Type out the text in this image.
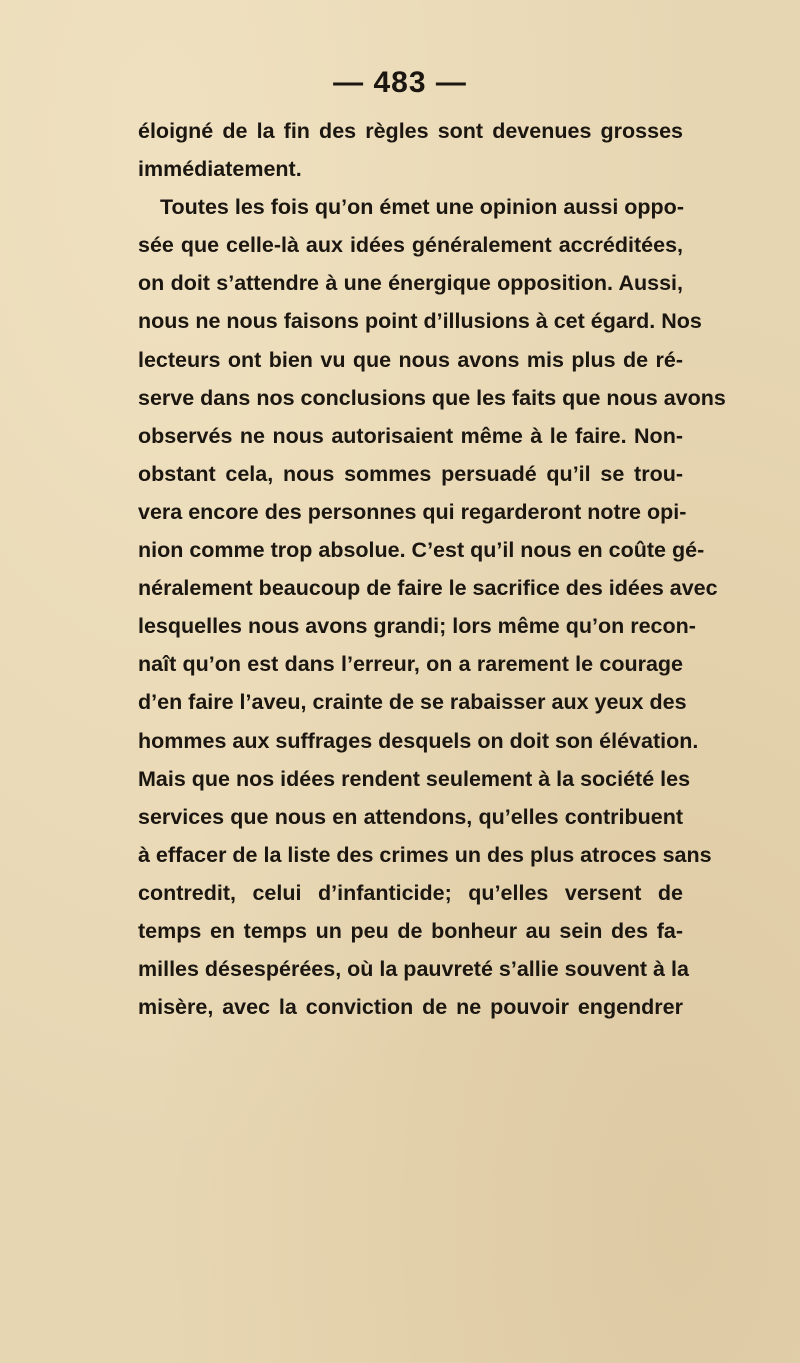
— 483 —
éloigné de la fin des règles sont devenues grosses
immédiatement.
Toutes les fois qu’on émet une opinion aussi oppo-
sée que celle-là aux idées généralement accréditées,
on doit s’attendre à une énergique opposition. Aussi,
nous ne nous faisons point d’illusions à cet égard. Nos
lecteurs ont bien vu que nous avons mis plus de ré-
serve dans nos conclusions que les faits que nous avons
observés ne nous autorisaient même à le faire. Non-
obstant cela, nous sommes persuadé qu’il se trou-
vera encore des personnes qui regarderont notre opi-
nion comme trop absolue. C’est qu’il nous en coûte gé-
néralement beaucoup de faire le sacrifice des idées avec
lesquelles nous avons grandi; lors même qu’on recon-
naît qu’on est dans l’erreur, on a rarement le courage
d’en faire l’aveu, crainte de se rabaisser aux yeux des
hommes aux suffrages desquels on doit son élévation.
Mais que nos idées rendent seulement à la société les
services que nous en attendons, qu’elles contribuent
à effacer de la liste des crimes un des plus atroces sans
contredit, celui d’infanticide; qu’elles versent de
temps en temps un peu de bonheur au sein des fa-
milles désespérées, où la pauvreté s’allie souvent à la
misère, avec la conviction de ne pouvoir engendrer
